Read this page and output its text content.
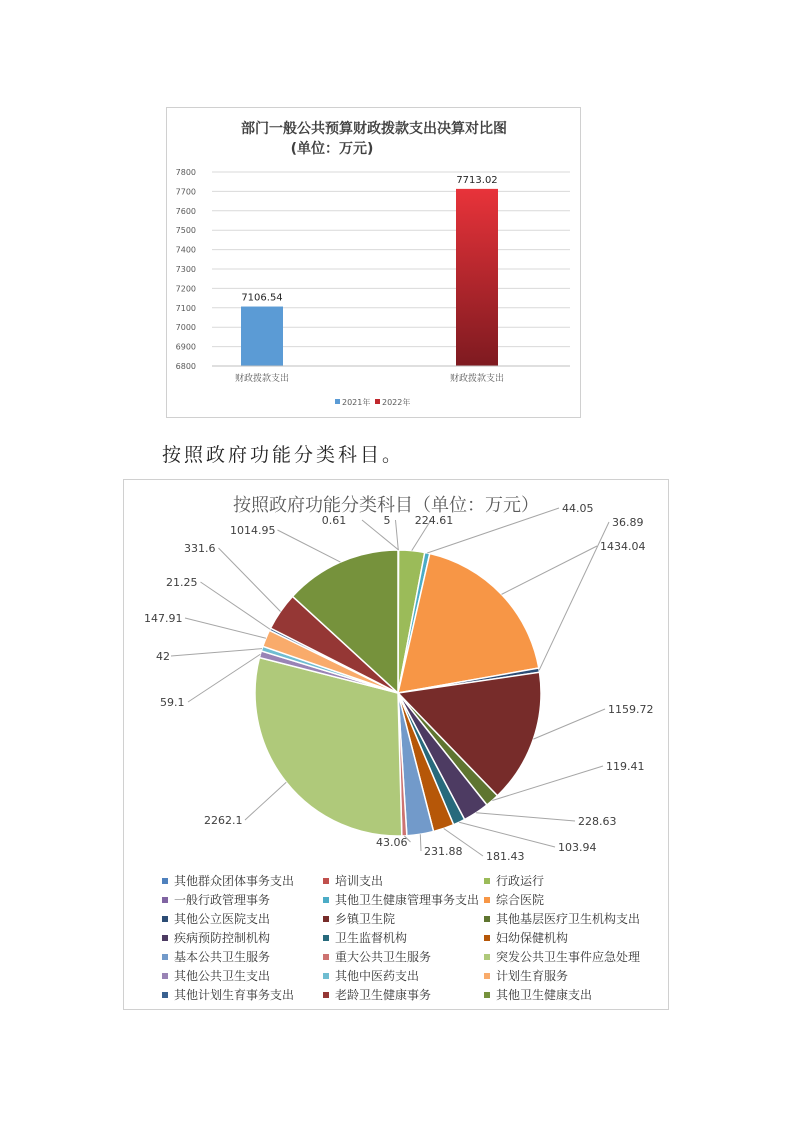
部门一般公共预算财政拨款支出决算对比图
(单位：万元)
6800
6900
7000
7100
7200
7300
7400
7500
7600
7700
7800
7106.54
7713.02
财政拨款支出	财政拨款支出
2021年 2022年
按照政府功能分类科目。
按照政府功能分类科目（单位：万元）
5
0.61	224.61
44.05
1434.04
36.89
1159.72
119.41
228.63
103.94
181.43
231.88
43.06
2262.1
59.1
42
147.91
21.25
331.6
1014.95
其他群众团体事务支出	培训支出	行政运行
一般行政管理事务	其他卫生健康管理事务支出	综合医院
其他公立医院支出	乡镇卫生院	其他基层医疗卫生机构支出
疾病预防控制机构	卫生监督机构	妇幼保健机构
基本公共卫生服务	重大公共卫生服务	突发公共卫生事件应急处理
其他公共卫生支出	其他中医药支出	计划生育服务
其他计划生育事务支出	老龄卫生健康事务	其他卫生健康支出
